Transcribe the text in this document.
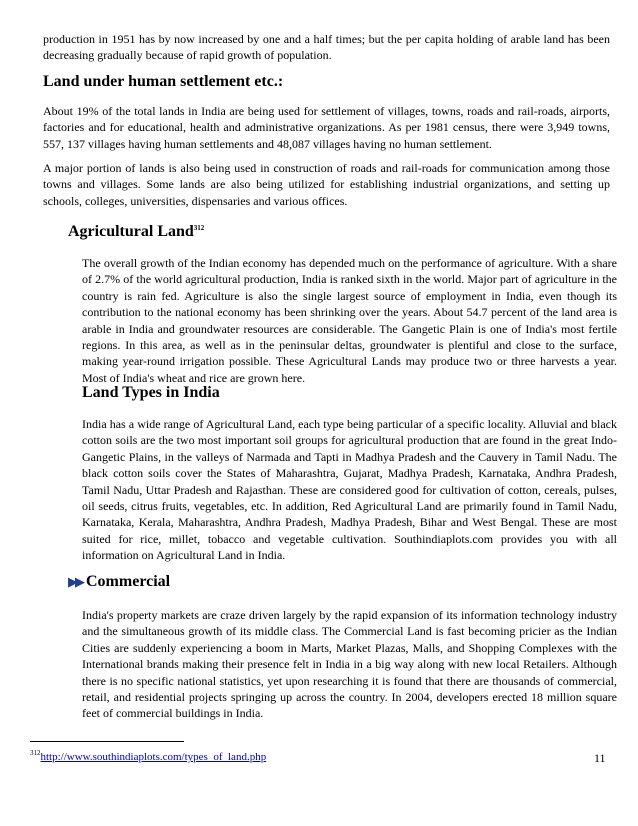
production in 1951 has by now increased by one and a half times; but the per capita holding of arable land has been decreasing gradually because of rapid growth of population.

Land under human settlement etc.:

About 19% of the total lands in India are being used for settlement of villages, towns, roads and rail-roads, airports, factories and for educational, health and administrative organizations. As per 1981 census, there were 3,949 towns, 557, 137 villages having human settlements and 48,087 villages having no human settlement.

A major portion of lands is also being used in construction of roads and rail-roads for communication among those towns and villages. Some lands are also being utilized for establishing industrial organizations, and setting up schools, colleges, universities, dispensaries and various offices.

Agricultural Land$^{312}$

The overall growth of the Indian economy has depended much on the performance of agriculture. With a share of 2.7% of the world agricultural production, India is ranked sixth in the world. Major part of agriculture in the country is rain fed. Agriculture is also the single largest source of employment in India, even though its contribution to the national economy has been shrinking over the years. About 54.7 percent of the land area is arable in India and groundwater resources are considerable. The Gangetic Plain is one of India's most fertile regions. In this area, as well as in the peninsular deltas, groundwater is plentiful and close to the surface, making year-round irrigation possible. These Agricultural Lands may produce two or three harvests a year. Most of India's wheat and rice are grown here.

Land Types in India

India has a wide range of Agricultural Land, each type being particular of a specific locality. Alluvial and black cotton soils are the two most important soil groups for agricultural production that are found in the great Indo-Gangetic Plains, in the valleys of Narmada and Tapti in Madhya Pradesh and the Cauvery in Tamil Nadu. The black cotton soils cover the States of Maharashtra, Gujarat, Madhya Pradesh, Karnataka, Andhra Pradesh, Tamil Nadu, Uttar Pradesh and Rajasthan. These are considered good for cultivation of cotton, cereals, pulses, oil seeds, citrus fruits, vegetables, etc. In addition, Red Agricultural Land are primarily found in Tamil Nadu, Karnataka, Kerala, Maharashtra, Andhra Pradesh, Madhya Pradesh, Bihar and West Bengal. These are most suited for rice, millet, tobacco and vegetable cultivation. Southindiaplots.com provides you with all information on Agricultural Land in India.

▶▶ Commercial

India's property markets are craze driven largely by the rapid expansion of its information technology industry and the simultaneous growth of its middle class. The Commercial Land is fast becoming pricier as the Indian Cities are suddenly experiencing a boom in Marts, Market Plazas, Malls, and Shopping Complexes with the International brands making their presence felt in India in a big way along with new local Retailers. Although there is no specific national statistics, yet upon researching it is found that there are thousands of commercial, retail, and residential projects springing up across the country. In 2004, developers erected 18 million square feet of commercial buildings in India.

$^{312}$http://www.southindiaplots.com/types_of_land.php	11
